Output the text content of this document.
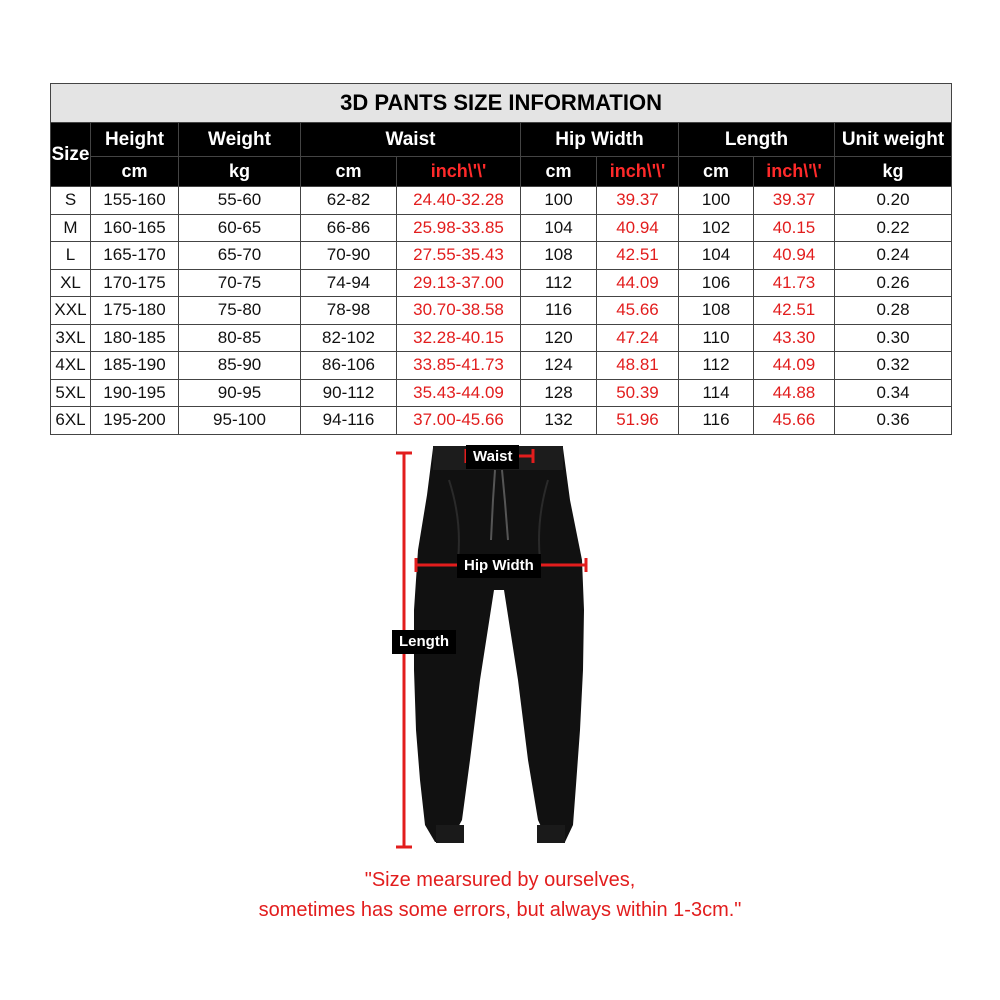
3D PANTS SIZE INFORMATION									
Size	Height	Weight	Waist		Hip Width		Length		Unit weight
	cm	kg	cm	inch\'\'	cm	inch\'\'	cm	inch\'\'	kg
S	155-160	55-60	62-82	24.40-32.28	100	39.37	100	39.37	0.20
M	160-165	60-65	66-86	25.98-33.85	104	40.94	102	40.15	0.22
L	165-170	65-70	70-90	27.55-35.43	108	42.51	104	40.94	0.24
XL	170-175	70-75	74-94	29.13-37.00	112	44.09	106	41.73	0.26
XXL	175-180	75-80	78-98	30.70-38.58	116	45.66	108	42.51	0.28
3XL	180-185	80-85	82-102	32.28-40.15	120	47.24	110	43.30	0.30
4XL	185-190	85-90	86-106	33.85-41.73	124	48.81	112	44.09	0.32
5XL	190-195	90-95	90-112	35.43-44.09	128	50.39	114	44.88	0.34
6XL	195-200	95-100	94-116	37.00-45.66	132	51.96	116	45.66	0.36
Waist
Hip Width
Length
"Size mearsured by ourselves,
sometimes has some errors, but always within 1-3cm."
